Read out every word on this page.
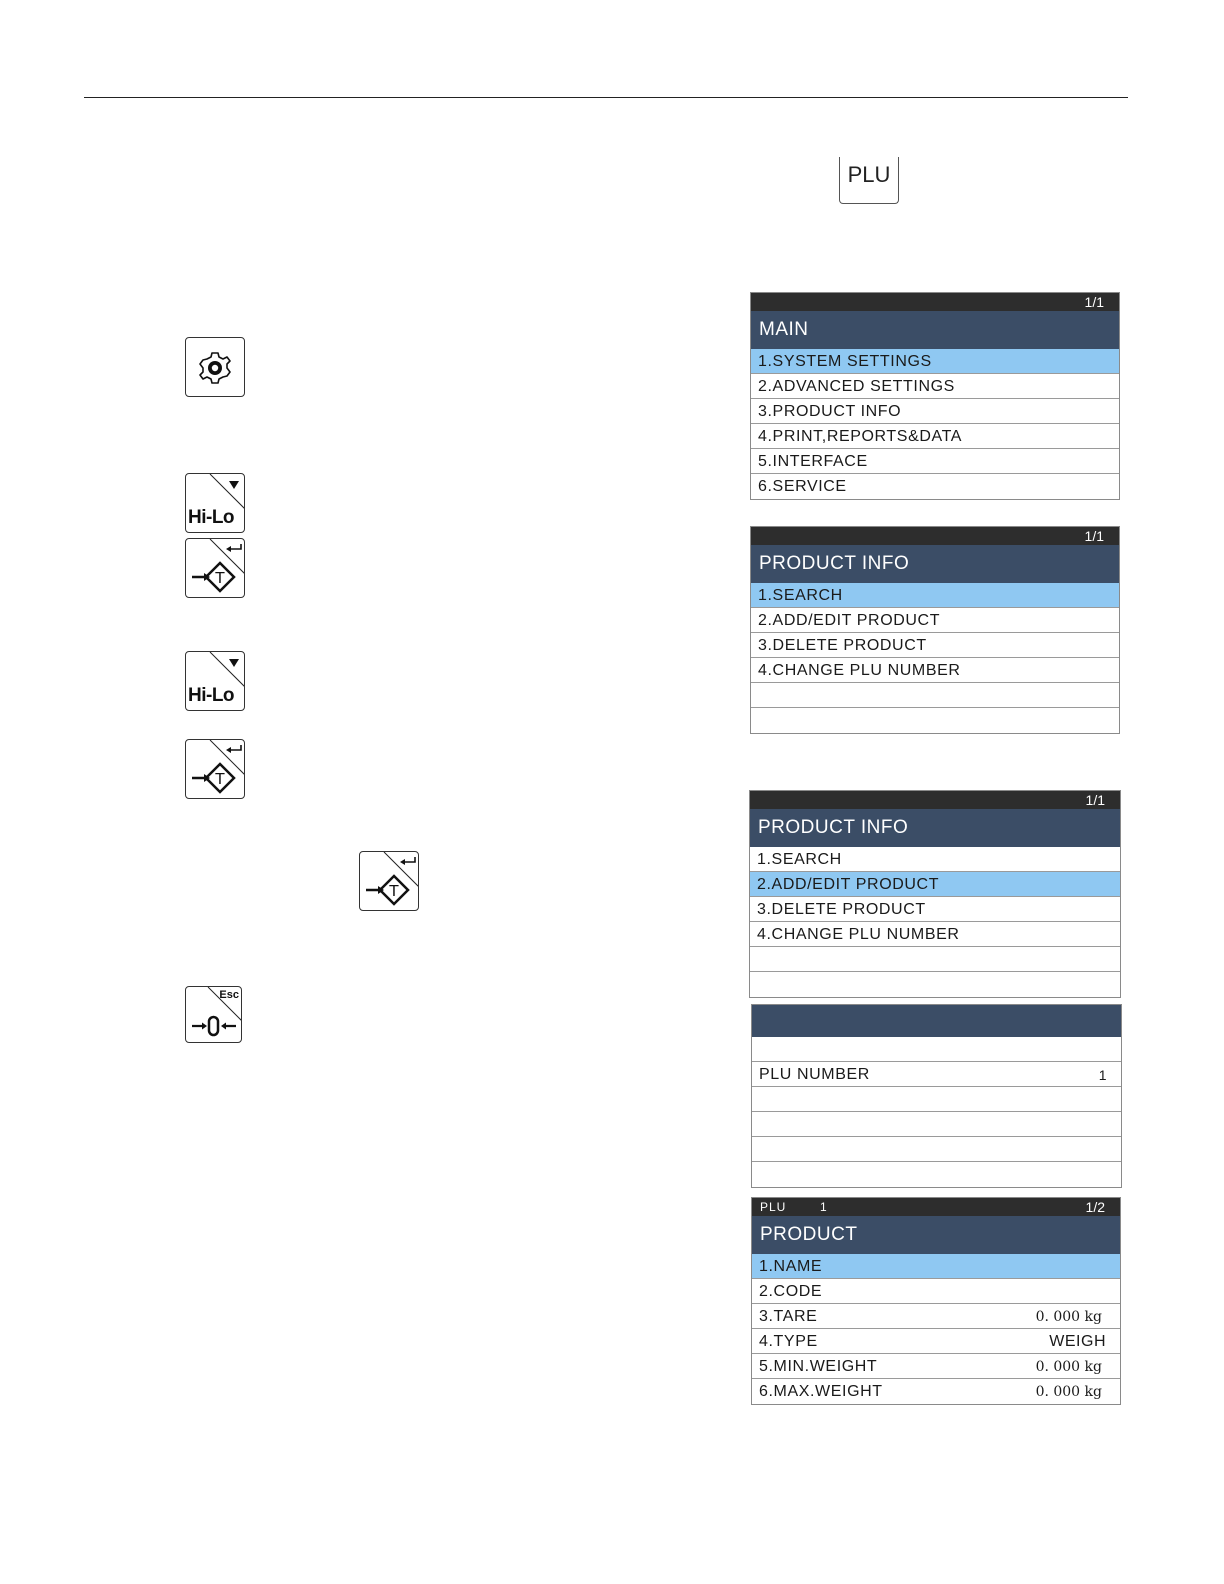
PLU
Hi-Lo
T
Hi-Lo
T
T
Esc
1/1
MAIN
1.SYSTEM SETTINGS
2.ADVANCED SETTINGS
3.PRODUCT INFO
4.PRINT,REPORTS&DATA
5.INTERFACE
6.SERVICE
1/1
PRODUCT INFO
1.SEARCH
2.ADD/EDIT PRODUCT
3.DELETE PRODUCT
4.CHANGE PLU NUMBER
1/1
PRODUCT INFO
1.SEARCH
2.ADD/EDIT PRODUCT
3.DELETE PRODUCT
4.CHANGE PLU NUMBER
PLU NUMBER	1
PLU	1	1/2
PRODUCT
1.NAME
2.CODE
3.TARE	0. 000 kg
4.TYPE	WEIGH
5.MIN.WEIGHT	0. 000 kg
6.MAX.WEIGHT	0. 000 kg
